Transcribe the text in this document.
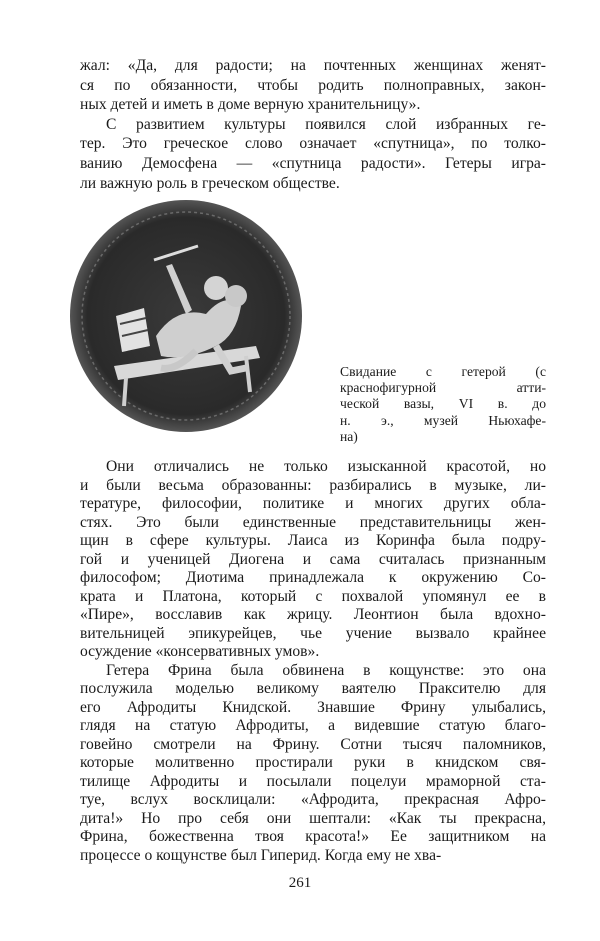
жал: «Да, для радости; на почтенных женщинах женят-
ся по обязанности, чтобы родить полноправных, закон-
ных детей и иметь в доме верную хранительницу».
С развитием культуры появился слой избранных ге-
тер. Это греческое слово означает «спутница», по толко-
ванию Демосфена — «спутница радости». Гетеры игра-
ли важную роль в греческом обществе.
Свидание с гетерой (с
краснофигурной атти-
ческой вазы, VI в. до
н. э., музей Ньюхафе-
на)
Они отличались не только изысканной красотой, но
и были весьма образованны: разбирались в музыке, ли-
тературе, философии, политике и многих других обла-
стях. Это были единственные представительницы жен-
щин в сфере культуры. Лаиса из Коринфа была подру-
гой и ученицей Диогена и сама считалась признанным
философом; Диотима принадлежала к окружению Со-
крата и Платона, который с похвалой упомянул ее в
«Пире», восславив как жрицу. Леонтион была вдохно-
вительницей эпикурейцев, чье учение вызвало крайнее
осуждение «консервативных умов».
Гетера Фрина была обвинена в кощунстве: это она
послужила моделью великому ваятелю Праксителю для
его Афродиты Книдской. Знавшие Фрину улыбались,
глядя на статую Афродиты, а видевшие статую благо-
говейно смотрели на Фрину. Сотни тысяч паломников,
которые молитвенно простирали руки в книдском свя-
тилище Афродиты и посылали поцелуи мраморной ста-
туе, вслух восклицали: «Афродита, прекрасная Афро-
дита!» Но про себя они шептали: «Как ты прекрасна,
Фрина, божественна твоя красота!» Ее защитником на
процессе о кощунстве был Гиперид. Когда ему не хва-
261
